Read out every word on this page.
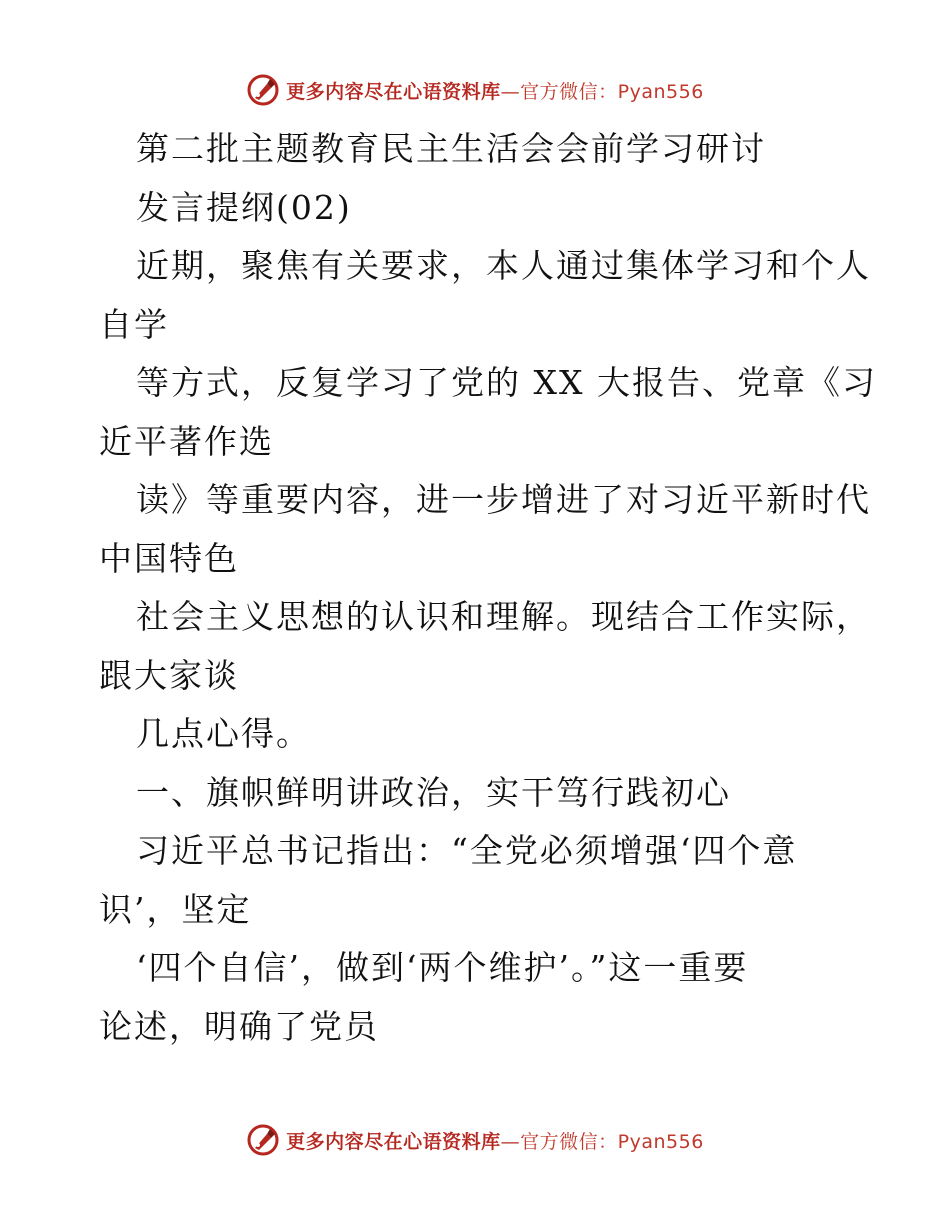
更多内容尽在心语资料库—官方微信：Pyan556
第二批主题教育民主生活会会前学习研讨
发言提纲(02)
近期，聚焦有关要求，本人通过集体学习和个人
自学
等方式，反复学习了党的 XX 大报告、党章《习
近平著作选
读》等重要内容，进一步增进了对习近平新时代
中国特色
社会主义思想的认识和理解。现结合工作实际，
跟大家谈
几点心得。
一、旗帜鲜明讲政治，实干笃行践初心
习近平总书记指出：“全党必须增强‘四个意
识’，坚定
‘四个自信’，做到‘两个维护’。”这一重要
论述，明确了党员
更多内容尽在心语资料库—官方微信：Pyan556
